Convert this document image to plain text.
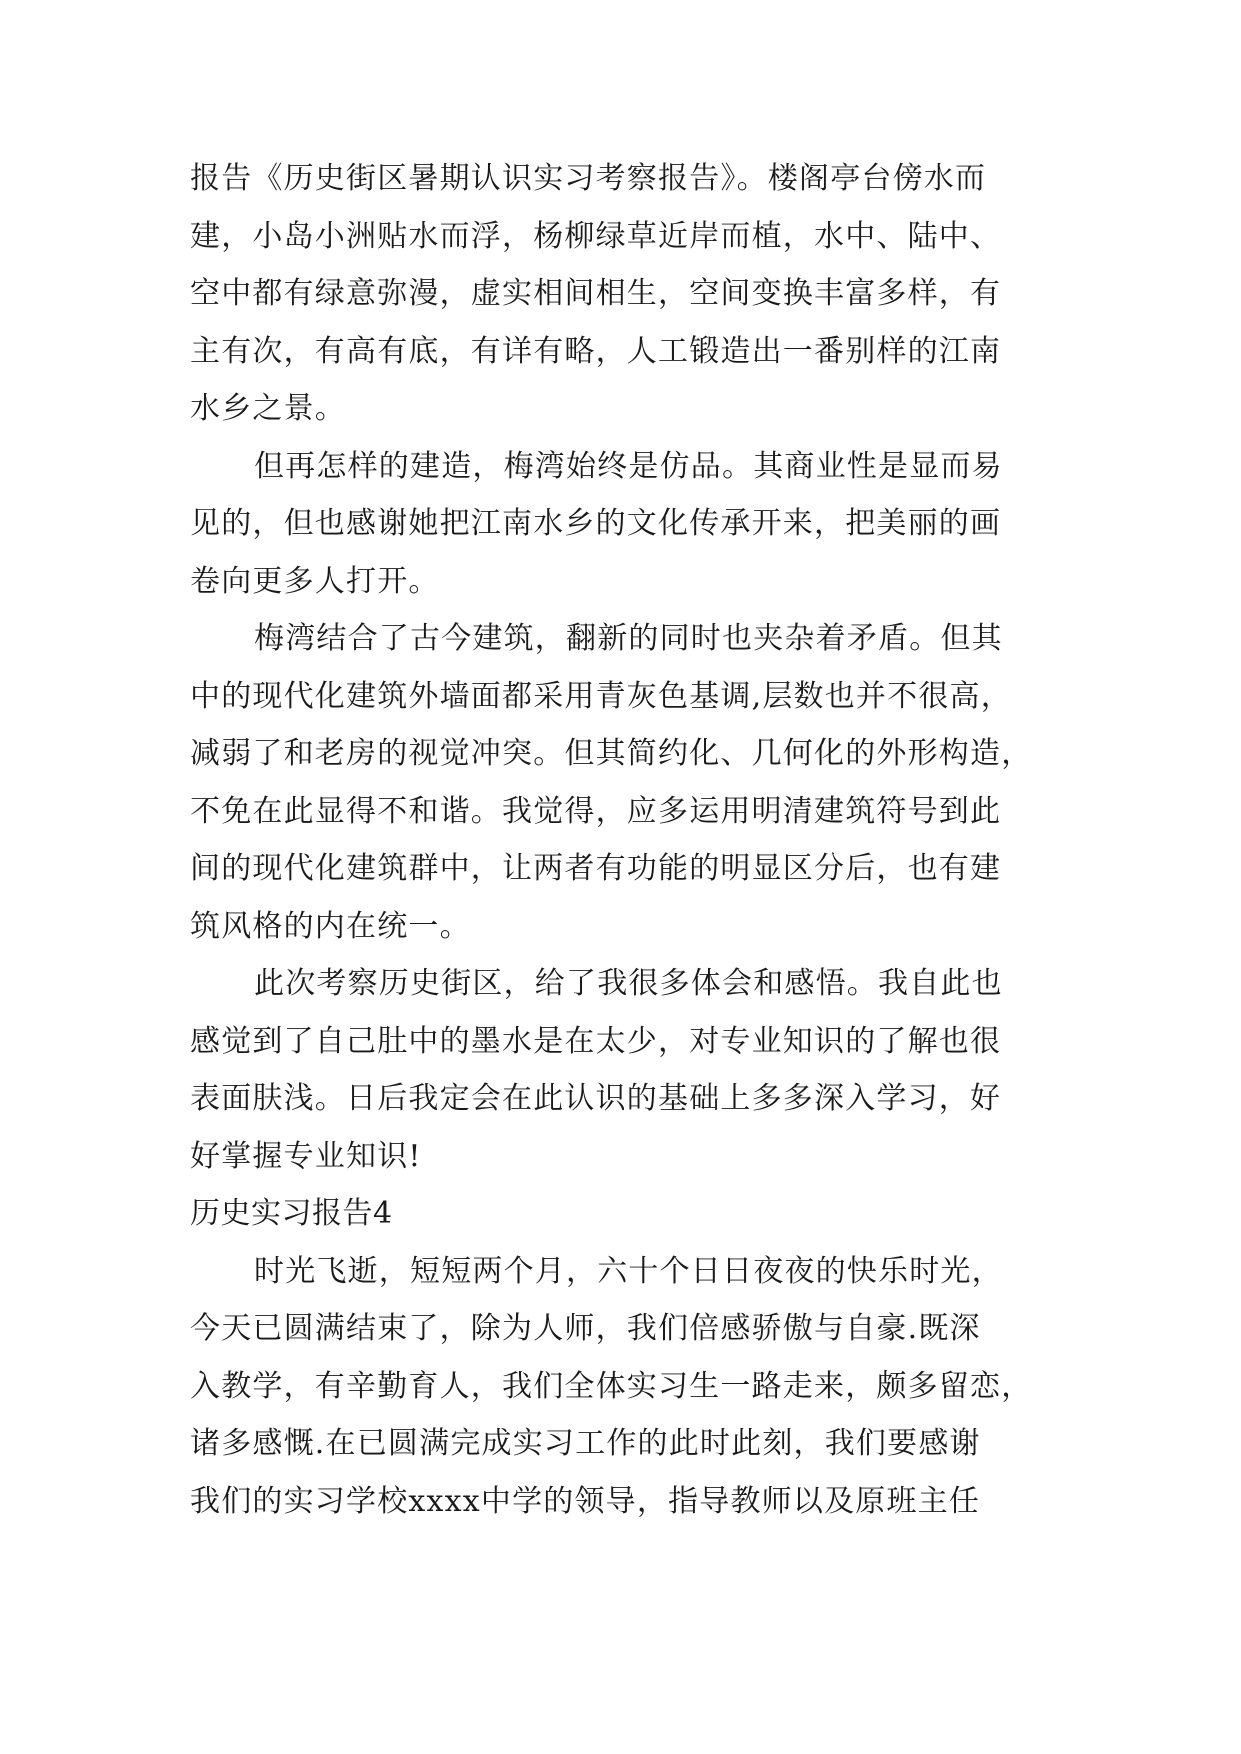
报告《历史街区暑期认识实习考察报告》。楼阁亭台傍水而
建，小岛小洲贴水而浮，杨柳绿草近岸而植，水中、陆中、
空中都有绿意弥漫，虚实相间相生，空间变换丰富多样，有
主有次，有高有底，有详有略，人工锻造出一番别样的江南
水乡之景。
但再怎样的建造，梅湾始终是仿品。其商业性是显而易
见的，但也感谢她把江南水乡的文化传承开来，把美丽的画
卷向更多人打开。
梅湾结合了古今建筑，翻新的同时也夹杂着矛盾。但其
中的现代化建筑外墙面都采用青灰色基调,层数也并不很高，
减弱了和老房的视觉冲突。但其简约化、几何化的外形构造，
不免在此显得不和谐。我觉得，应多运用明清建筑符号到此
间的现代化建筑群中，让两者有功能的明显区分后，也有建
筑风格的内在统一。
此次考察历史街区，给了我很多体会和感悟。我自此也
感觉到了自己肚中的墨水是在太少，对专业知识的了解也很
表面肤浅。日后我定会在此认识的基础上多多深入学习，好
好掌握专业知识!
历史实习报告4
时光飞逝，短短两个月，六十个日日夜夜的快乐时光，
今天已圆满结束了，除为人师，我们倍感骄傲与自豪.既深
入教学，有辛勤育人，我们全体实习生一路走来，颇多留恋，
诸多感慨.在已圆满完成实习工作的此时此刻，我们要感谢
我们的实习学校xxxx中学的领导，指导教师以及原班主任
